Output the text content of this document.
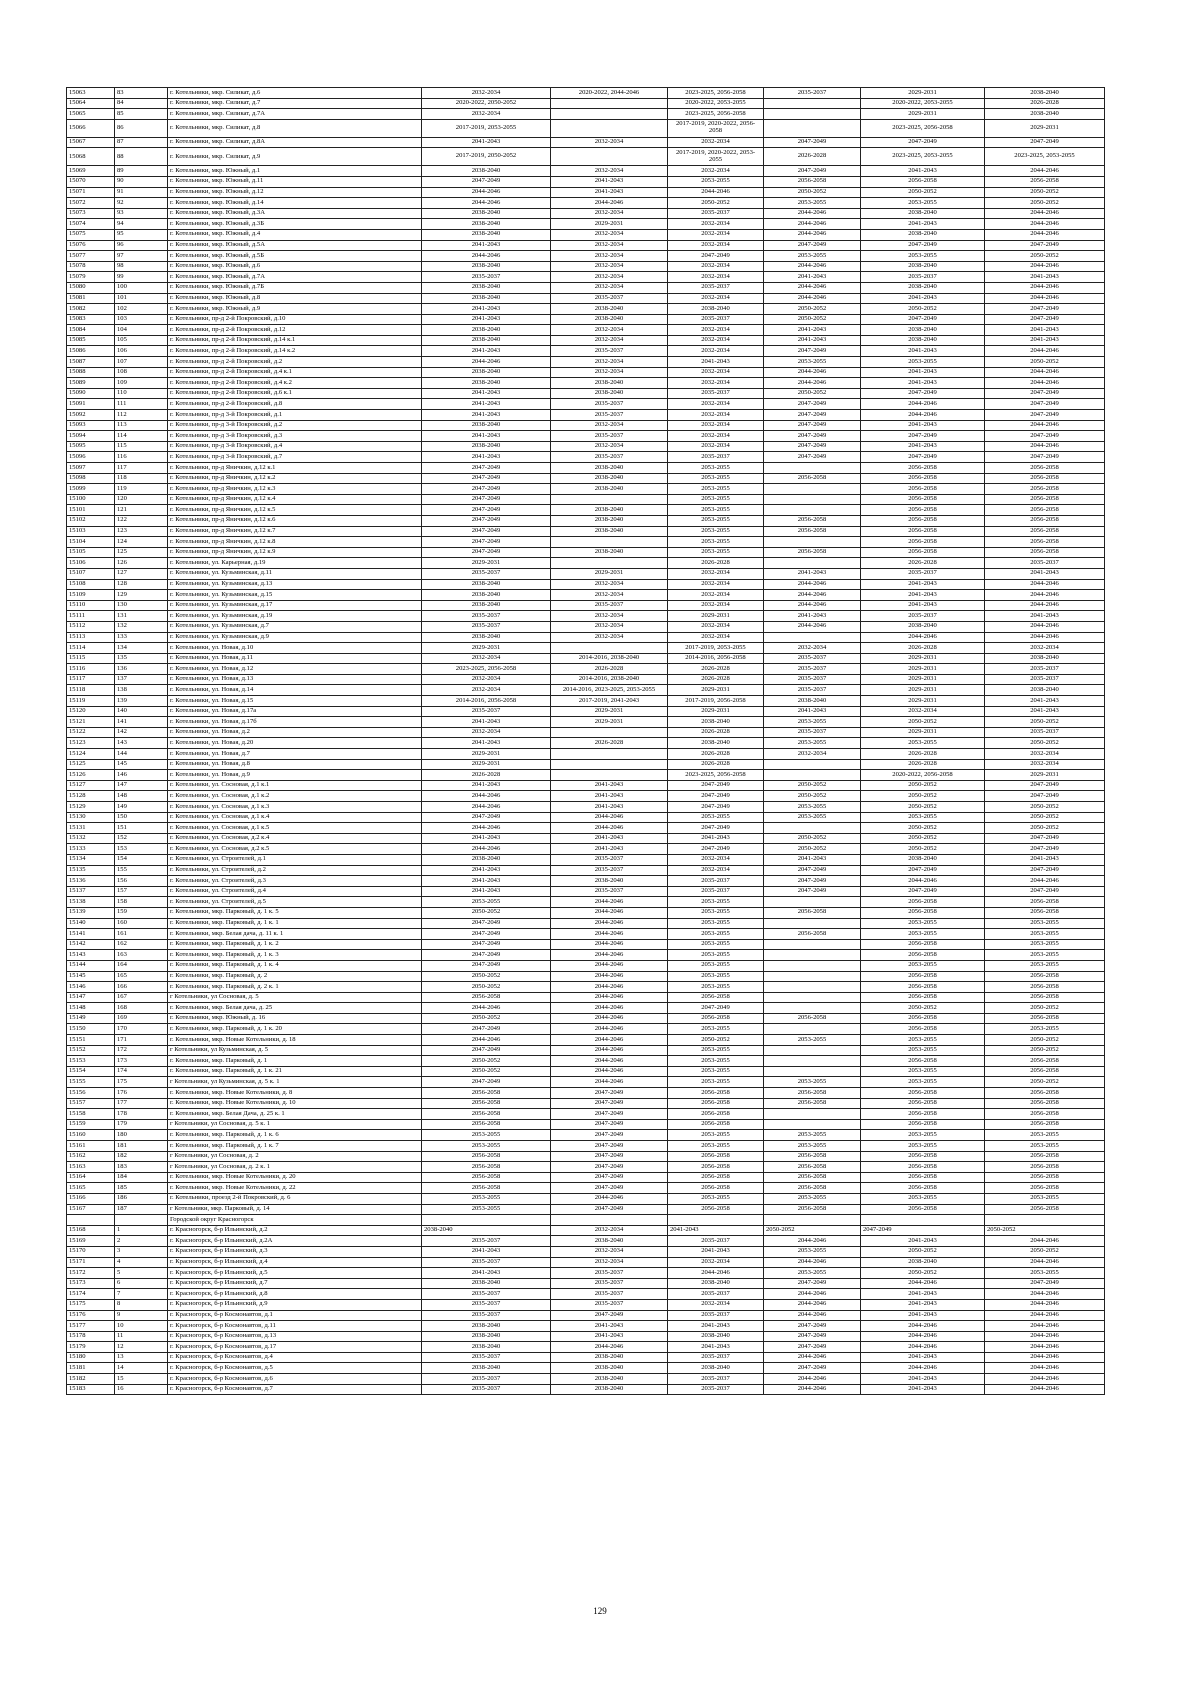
15063	83	г. Котельники, мкр. Силикат, д.6	2032-2034	2020-2022, 2044-2046	2023-2025, 2056-2058	2035-2037	2029-2031	2038-2040
15064	84	г. Котельники, мкр. Силикат, д.7	2020-2022, 2050-2052		2020-2022, 2053-2055		2020-2022, 2053-2055	2026-2028
15065	85	г. Котельники, мкр. Силикат, д.7А	2032-2034		2023-2025, 2056-2058		2029-2031	2038-2040
15066	86	г. Котельники, мкр. Силикат, д.8	2017-2019, 2053-2055		2017-2019, 2020-2022, 2056-2058		2023-2025, 2056-2058	2029-2031
15067	87	г. Котельники, мкр. Силикат, д.8А	2041-2043	2032-2034	2032-2034	2047-2049	2047-2049	2047-2049
15068	88	г. Котельники, мкр. Силикат, д.9	2017-2019, 2050-2052		2017-2019, 2020-2022, 2053-2055	2026-2028	2023-2025, 2053-2055	2023-2025, 2053-2055
15069	89	г. Котельники, мкр. Южный, д.1	2038-2040	2032-2034	2032-2034	2047-2049	2041-2043	2044-2046
15070	90	г. Котельники, мкр. Южный, д.11	2047-2049	2041-2043	2053-2055	2056-2058	2056-2058	2056-2058
15071	91	г. Котельники, мкр. Южный, д.12	2044-2046	2041-2043	2044-2046	2050-2052	2050-2052	2050-2052
15072	92	г. Котельники, мкр. Южный, д.14	2044-2046	2044-2046	2050-2052	2053-2055	2053-2055	2050-2052
15073	93	г. Котельники, мкр. Южный, д.3А	2038-2040	2032-2034	2035-2037	2044-2046	2038-2040	2044-2046
15074	94	г. Котельники, мкр. Южный, д.3Б	2038-2040	2029-2031	2032-2034	2044-2046	2041-2043	2044-2046
15075	95	г. Котельники, мкр. Южный, д.4	2038-2040	2032-2034	2032-2034	2044-2046	2038-2040	2044-2046
15076	96	г. Котельники, мкр. Южный, д.5А	2041-2043	2032-2034	2032-2034	2047-2049	2047-2049	2047-2049
15077	97	г. Котельники, мкр. Южный, д.5Б	2044-2046	2032-2034	2047-2049	2053-2055	2053-2055	2050-2052
15078	98	г. Котельники, мкр. Южный, д.6	2038-2040	2032-2034	2032-2034	2044-2046	2038-2040	2044-2046
15079	99	г. Котельники, мкр. Южный, д.7А	2035-2037	2032-2034	2032-2034	2041-2043	2035-2037	2041-2043
15080	100	г. Котельники, мкр. Южный, д.7Б	2038-2040	2032-2034	2035-2037	2044-2046	2038-2040	2044-2046
15081	101	г. Котельники, мкр. Южный, д.8	2038-2040	2035-2037	2032-2034	2044-2046	2041-2043	2044-2046
15082	102	г. Котельники, мкр. Южный, д.9	2041-2043	2038-2040	2038-2040	2050-2052	2050-2052	2047-2049
15083	103	г. Котельники, пр-д 2-й Покровский, д.10	2041-2043	2038-2040	2035-2037	2050-2052	2047-2049	2047-2049
15084	104	г. Котельники, пр-д 2-й Покровский, д.12	2038-2040	2032-2034	2032-2034	2041-2043	2038-2040	2041-2043
15085	105	г. Котельники, пр-д 2-й Покровский, д.14 к.1	2038-2040	2032-2034	2032-2034	2041-2043	2038-2040	2041-2043
15086	106	г. Котельники, пр-д 2-й Покровский, д.14 к.2	2041-2043	2035-2037	2032-2034	2047-2049	2041-2043	2044-2046
15087	107	г. Котельники, пр-д 2-й Покровский, д.2	2044-2046	2032-2034	2041-2043	2053-2055	2053-2055	2050-2052
15088	108	г. Котельники, пр-д 2-й Покровский, д.4 к.1	2038-2040	2032-2034	2032-2034	2044-2046	2041-2043	2044-2046
15089	109	г. Котельники, пр-д 2-й Покровский, д.4 к.2	2038-2040	2038-2040	2032-2034	2044-2046	2041-2043	2044-2046
15090	110	г. Котельники, пр-д 2-й Покровский, д.6 к.1	2041-2043	2038-2040	2035-2037	2050-2052	2047-2049	2047-2049
15091	111	г. Котельники, пр-д 2-й Покровский, д.8	2041-2043	2035-2037	2032-2034	2047-2049	2044-2046	2047-2049
15092	112	г. Котельники, пр-д 3-й Покровский, д.1	2041-2043	2035-2037	2032-2034	2047-2049	2044-2046	2047-2049
15093	113	г. Котельники, пр-д 3-й Покровский, д.2	2038-2040	2032-2034	2032-2034	2047-2049	2041-2043	2044-2046
15094	114	г. Котельники, пр-д 3-й Покровский, д.3	2041-2043	2035-2037	2032-2034	2047-2049	2047-2049	2047-2049
15095	115	г. Котельники, пр-д 3-й Покровский, д.4	2038-2040	2032-2034	2032-2034	2047-2049	2041-2043	2044-2046
15096	116	г. Котельники, пр-д 3-й Покровский, д.7	2041-2043	2035-2037	2035-2037	2047-2049	2047-2049	2047-2049
15097	117	г. Котельники, пр-д Яничкин, д.12 к.1	2047-2049	2038-2040	2053-2055		2056-2058	2056-2058
15098	118	г. Котельники, пр-д Яничкин, д.12 к.2	2047-2049	2038-2040	2053-2055	2056-2058	2056-2058	2056-2058
15099	119	г. Котельники, пр-д Яничкин, д.12 к.3	2047-2049	2038-2040	2053-2055		2056-2058	2056-2058
15100	120	г. Котельники, пр-д Яничкин, д.12 к.4	2047-2049		2053-2055		2056-2058	2056-2058
15101	121	г. Котельники, пр-д Яничкин, д.12 к.5	2047-2049	2038-2040	2053-2055		2056-2058	2056-2058
15102	122	г. Котельники, пр-д Яничкин, д.12 к.6	2047-2049	2038-2040	2053-2055	2056-2058	2056-2058	2056-2058
15103	123	г. Котельники, пр-д Яничкин, д.12 к.7	2047-2049	2038-2040	2053-2055	2056-2058	2056-2058	2056-2058
15104	124	г. Котельники, пр-д Яничкин, д.12 к.8	2047-2049		2053-2055		2056-2058	2056-2058
15105	125	г. Котельники, пр-д Яничкин, д.12 к.9	2047-2049	2038-2040	2053-2055	2056-2058	2056-2058	2056-2058
15106	126	г. Котельники, ул. Карьерная, д.19	2029-2031		2026-2028		2026-2028	2035-2037
15107	127	г. Котельники, ул. Кузьминская, д.11	2035-2037	2029-2031	2032-2034	2041-2043	2035-2037	2041-2043
15108	128	г. Котельники, ул. Кузьминская, д.13	2038-2040	2032-2034	2032-2034	2044-2046	2041-2043	2044-2046
15109	129	г. Котельники, ул. Кузьминская, д.15	2038-2040	2032-2034	2032-2034	2044-2046	2041-2043	2044-2046
15110	130	г. Котельники, ул. Кузьминская, д.17	2038-2040	2035-2037	2032-2034	2044-2046	2041-2043	2044-2046
15111	131	г. Котельники, ул. Кузьминская, д.19	2035-2037	2032-2034	2029-2031	2041-2043	2035-2037	2041-2043
15112	132	г. Котельники, ул. Кузьминская, д.7	2035-2037	2032-2034	2032-2034	2044-2046	2038-2040	2044-2046
15113	133	г. Котельники, ул. Кузьминская, д.9	2038-2040	2032-2034	2032-2034		2044-2046	2044-2046
15114	134	г. Котельники, ул. Новая, д.10	2029-2031		2017-2019, 2053-2055	2032-2034	2026-2028	2032-2034
15115	135	г. Котельники, ул. Новая, д.11	2032-2034	2014-2016, 2038-2040	2014-2016, 2056-2058	2035-2037	2029-2031	2038-2040
15116	136	г. Котельники, ул. Новая, д.12	2023-2025, 2056-2058	2026-2028	2026-2028	2035-2037	2029-2031	2035-2037
15117	137	г. Котельники, ул. Новая, д.13	2032-2034	2014-2016, 2038-2040	2026-2028	2035-2037	2029-2031	2035-2037
15118	138	г. Котельники, ул. Новая, д.14	2032-2034	2014-2016, 2023-2025, 2053-2055	2029-2031	2035-2037	2029-2031	2038-2040
15119	139	г. Котельники, ул. Новая, д.15	2014-2016, 2056-2058	2017-2019, 2041-2043	2017-2019, 2056-2058	2038-2040	2029-2031	2041-2043
15120	140	г. Котельники, ул. Новая, д.17а	2035-2037	2029-2031	2029-2031	2041-2043	2032-2034	2041-2043
15121	141	г. Котельники, ул. Новая, д.17б	2041-2043	2029-2031	2038-2040	2053-2055	2050-2052	2050-2052
15122	142	г. Котельники, ул. Новая, д.2	2032-2034		2026-2028	2035-2037	2029-2031	2035-2037
15123	143	г. Котельники, ул. Новая, д.20	2041-2043	2026-2028	2038-2040	2053-2055	2053-2055	2050-2052
15124	144	г. Котельники, ул. Новая, д.7	2029-2031		2026-2028	2032-2034	2026-2028	2032-2034
15125	145	г. Котельники, ул. Новая, д.8	2029-2031		2026-2028		2026-2028	2032-2034
15126	146	г. Котельники, ул. Новая, д.9	2026-2028		2023-2025, 2056-2058		2020-2022, 2056-2058	2029-2031
15127	147	г. Котельники, ул. Сосновая, д.1 к.1	2041-2043	2041-2043	2047-2049	2050-2052	2050-2052	2047-2049
15128	148	г. Котельники, ул. Сосновая, д.1 к.2	2044-2046	2041-2043	2047-2049	2050-2052	2050-2052	2047-2049
15129	149	г. Котельники, ул. Сосновая, д.1 к.3	2044-2046	2041-2043	2047-2049	2053-2055	2050-2052	2050-2052
15130	150	г. Котельники, ул. Сосновая, д.1 к.4	2047-2049	2044-2046	2053-2055	2053-2055	2053-2055	2050-2052
15131	151	г. Котельники, ул. Сосновая, д.1 к.5	2044-2046	2044-2046	2047-2049		2050-2052	2050-2052
15132	152	г. Котельники, ул. Сосновая, д.2 к.4	2041-2043	2041-2043	2041-2043	2050-2052	2050-2052	2047-2049
15133	153	г. Котельники, ул. Сосновая, д.2 к.5	2044-2046	2041-2043	2047-2049	2050-2052	2050-2052	2047-2049
15134	154	г. Котельники, ул. Строителей, д.1	2038-2040	2035-2037	2032-2034	2041-2043	2038-2040	2041-2043
15135	155	г. Котельники, ул. Строителей, д.2	2041-2043	2035-2037	2032-2034	2047-2049	2047-2049	2047-2049
15136	156	г. Котельники, ул. Строителей, д.3	2041-2043	2038-2040	2035-2037	2047-2049	2044-2046	2044-2046
15137	157	г. Котельники, ул. Строителей, д.4	2041-2043	2035-2037	2035-2037	2047-2049	2047-2049	2047-2049
15138	158	г. Котельники, ул. Строителей, д.5	2053-2055	2044-2046	2053-2055		2056-2058	2056-2058
15139	159	г. Котельники, мкр. Парковый, д. 1 к. 5	2050-2052	2044-2046	2053-2055	2056-2058	2056-2058	2056-2058
15140	160	г. Котельники, мкр. Парковый, д. 1 к. 1	2047-2049	2044-2046	2053-2055		2053-2055	2053-2055
15141	161	г. Котельники, мкр. Белая дача, д. 11 к. 1	2047-2049	2044-2046	2053-2055	2056-2058	2053-2055	2053-2055
15142	162	г. Котельники, мкр. Парковый, д. 1 к. 2	2047-2049	2044-2046	2053-2055		2056-2058	2053-2055
15143	163	г. Котельники, мкр. Парковый, д. 1 к. 3	2047-2049	2044-2046	2053-2055		2056-2058	2053-2055
15144	164	г. Котельники, мкр. Парковый, д. 1 к. 4	2047-2049	2044-2046	2053-2055		2053-2055	2053-2055
15145	165	г. Котельники, мкр. Парковый, д. 2	2050-2052	2044-2046	2053-2055		2056-2058	2056-2058
15146	166	г. Котельники, мкр. Парковый, д. 2 к. 1	2050-2052	2044-2046	2053-2055		2056-2058	2056-2058
15147	167	г Котельники, ул Сосновая, д. 5	2056-2058	2044-2046	2056-2058		2056-2058	2056-2058
15148	168	г. Котельники, мкр. Белая дача, д. 25	2044-2046	2044-2046	2047-2049		2050-2052	2050-2052
15149	169	г. Котельники, мкр. Южный, д. 16	2050-2052	2044-2046	2056-2058	2056-2058	2056-2058	2056-2058
15150	170	г. Котельники, мкр. Парковый, д. 1 к. 20	2047-2049	2044-2046	2053-2055		2056-2058	2053-2055
15151	171	г. Котельники, мкр. Новые Котельники, д. 18	2044-2046	2044-2046	2050-2052	2053-2055	2053-2055	2050-2052
15152	172	г Котельники, ул Кузьминская, д. 5	2047-2049	2044-2046	2053-2055		2053-2055	2050-2052
15153	173	г. Котельники, мкр. Парковый, д. 1	2050-2052	2044-2046	2053-2055		2056-2058	2056-2058
15154	174	г. Котельники, мкр. Парковый, д. 1 к. 21	2050-2052	2044-2046	2053-2055		2053-2055	2056-2058
15155	175	г Котельники, ул Кузьминская, д. 5 к. 1	2047-2049	2044-2046	2053-2055	2053-2055	2053-2055	2050-2052
15156	176	г. Котельники, мкр. Новые Котельники, д. 8	2056-2058	2047-2049	2056-2058	2056-2058	2056-2058	2056-2058
15157	177	г. Котельники, мкр. Новые Котельники, д. 10	2056-2058	2047-2049	2056-2058	2056-2058	2056-2058	2056-2058
15158	178	г. Котельники, мкр. Белая Дача, д. 25 к. 1	2056-2058	2047-2049	2056-2058		2056-2058	2056-2058
15159	179	г Котельники, ул Сосновая, д. 5 к. 1	2056-2058	2047-2049	2056-2058		2056-2058	2056-2058
15160	180	г. Котельники, мкр. Парковый, д. 1 к. 6	2053-2055	2047-2049	2053-2055	2053-2055	2053-2055	2053-2055
15161	181	г. Котельники, мкр. Парковый, д. 1 к. 7	2053-2055	2047-2049	2053-2055	2053-2055	2053-2055	2053-2055
15162	182	г Котельники, ул Сосновая, д. 2	2056-2058	2047-2049	2056-2058	2056-2058	2056-2058	2056-2058
15163	183	г Котельники, ул Сосновая, д. 2 к. 1	2056-2058	2047-2049	2056-2058	2056-2058	2056-2058	2056-2058
15164	184	г. Котельники, мкр. Новые Котельники, д. 20	2056-2058	2047-2049	2056-2058	2056-2058	2056-2058	2056-2058
15165	185	г. Котельники, мкр. Новые Котельники, д. 22	2056-2058	2047-2049	2056-2058	2056-2058	2056-2058	2056-2058
15166	186	г. Котельники, проезд 2-й Покровский, д. 6	2053-2055	2044-2046	2053-2055	2053-2055	2053-2055	2053-2055
15167	187	г Котельники, мкр. Парковый, д. 14	2053-2055	2047-2049	2056-2058	2056-2058	2056-2058	2056-2058
		Городской округ Красногорск						
15168	1	г. Красногорск, б-р Ильинский, д.2	2038-2040	2032-2034	2041-2043	2050-2052	2047-2049	2050-2052
15169	2	г. Красногорск, б-р Ильинский, д.2А	2035-2037	2038-2040	2035-2037	2044-2046	2041-2043	2044-2046
15170	3	г. Красногорск, б-р Ильинский, д.3	2041-2043	2032-2034	2041-2043	2053-2055	2050-2052	2050-2052
15171	4	г. Красногорск, б-р Ильинский, д.4	2035-2037	2032-2034	2032-2034	2044-2046	2038-2040	2044-2046
15172	5	г. Красногорск, б-р Ильинский, д.5	2041-2043	2035-2037	2044-2046	2053-2055	2050-2052	2053-2055
15173	6	г. Красногорск, б-р Ильинский, д.7	2038-2040	2035-2037	2038-2040	2047-2049	2044-2046	2047-2049
15174	7	г. Красногорск, б-р Ильинский, д.8	2035-2037	2035-2037	2035-2037	2044-2046	2041-2043	2044-2046
15175	8	г. Красногорск, б-р Ильинский, д.9	2035-2037	2035-2037	2032-2034	2044-2046	2041-2043	2044-2046
15176	9	г. Красногорск, б-р Космонавтов, д.1	2035-2037	2047-2049	2035-2037	2044-2046	2041-2043	2044-2046
15177	10	г. Красногорск, б-р Космонавтов, д.11	2038-2040	2041-2043	2041-2043	2047-2049	2044-2046	2044-2046
15178	11	г. Красногорск, б-р Космонавтов, д.13	2038-2040	2041-2043	2038-2040	2047-2049	2044-2046	2044-2046
15179	12	г. Красногорск, б-р Космонавтов, д.17	2038-2040	2044-2046	2041-2043	2047-2049	2044-2046	2044-2046
15180	13	г. Красногорск, б-р Космонавтов, д.4	2035-2037	2038-2040	2035-2037	2044-2046	2041-2043	2044-2046
15181	14	г. Красногорск, б-р Космонавтов, д.5	2038-2040	2038-2040	2038-2040	2047-2049	2044-2046	2044-2046
15182	15	г. Красногорск, б-р Космонавтов, д.6	2035-2037	2038-2040	2035-2037	2044-2046	2041-2043	2044-2046
15183	16	г. Красногорск, б-р Космонавтов, д.7	2035-2037	2038-2040	2035-2037	2044-2046	2041-2043	2044-2046
129
